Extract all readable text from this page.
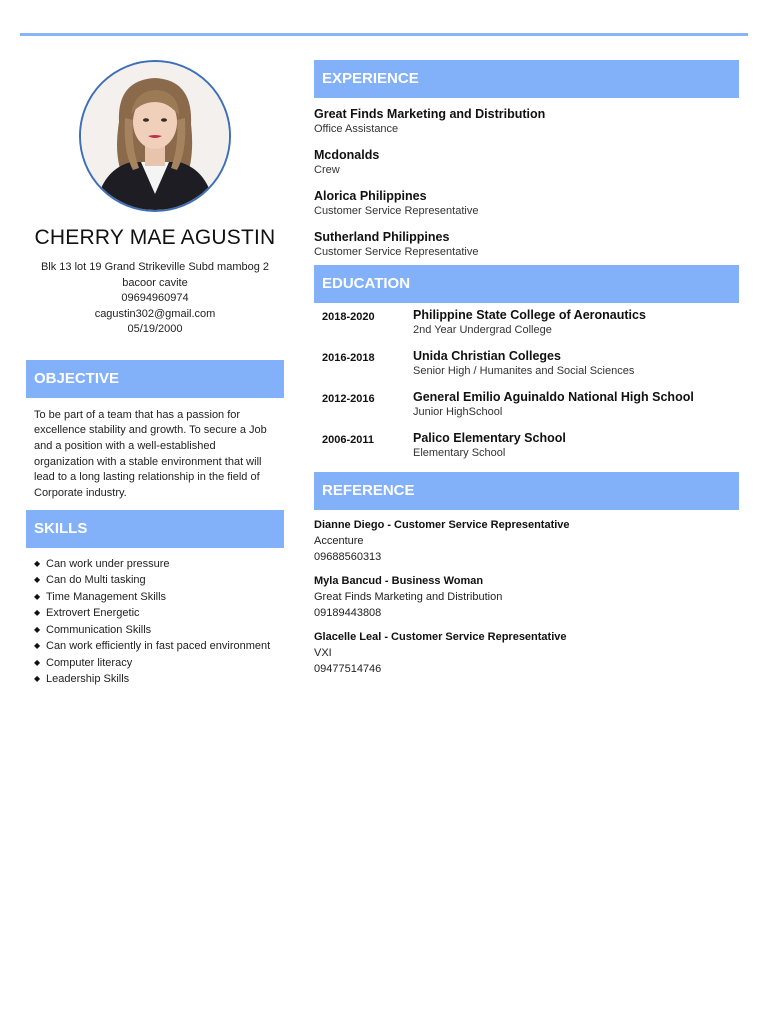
CHERRY MAE AGUSTIN
Blk 13 lot 19 Grand Strikeville Subd mambog 2
bacoor cavite
09694960974
cagustin302@gmail.com
05/19/2000
OBJECTIVE
To be part of a team that has a passion for excellence stability and growth. To secure a Job and a position with a well-established organization with a stable environment that will lead to a long lasting relationship in the field of Corporate industry.
SKILLS
◆ Can work under pressure
◆ Can do Multi tasking
◆ Time Management Skills
◆ Extrovert Energetic
◆ Communication Skills
◆ Can work efficiently in fast paced environment
◆ Computer literacy
◆ Leadership Skills
EXPERIENCE
Great Finds Marketing and Distribution
Office Assistance
Mcdonalds
Crew
Alorica Philippines
Customer Service Representative
Sutherland Philippines
Customer Service Representative
EDUCATION
2018-2020	Philippine State College of Aeronautics
2nd Year Undergrad College
2016-2018	Unida Christian Colleges
Senior High / Humanites and Social Sciences
2012-2016	General Emilio Aguinaldo National High School
Junior HighSchool
2006-2011	Palico Elementary School
Elementary School
REFERENCE
Dianne Diego - Customer Service Representative
Accenture
09688560313
Myla Bancud - Business Woman
Great Finds Marketing and Distribution
09189443808
Glacelle Leal - Customer Service Representative
VXI
09477514746
